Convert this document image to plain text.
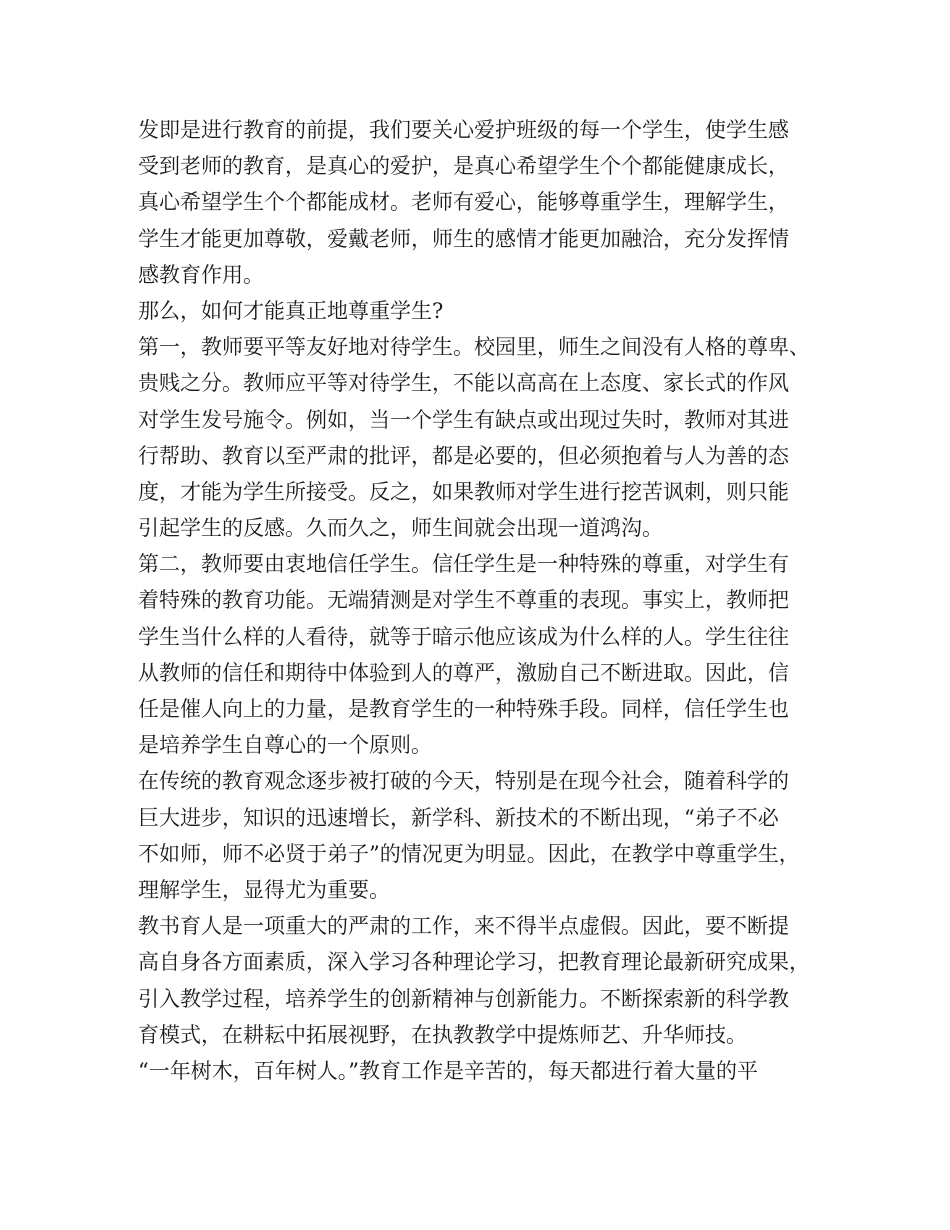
发即是进行教育的前提，我们要关心爱护班级的每一个学生，使学生感
受到老师的教育，是真心的爱护，是真心希望学生个个都能健康成长，
真心希望学生个个都能成材。老师有爱心，能够尊重学生，理解学生，
学生才能更加尊敬，爱戴老师，师生的感情才能更加融洽，充分发挥情
感教育作用。
那么，如何才能真正地尊重学生?
第一，教师要平等友好地对待学生。校园里，师生之间没有人格的尊卑、
贵贱之分。教师应平等对待学生，不能以高高在上态度、家长式的作风
对学生发号施令。例如，当一个学生有缺点或出现过失时，教师对其进
行帮助、教育以至严肃的批评，都是必要的，但必须抱着与人为善的态
度，才能为学生所接受。反之，如果教师对学生进行挖苦讽刺，则只能
引起学生的反感。久而久之，师生间就会出现一道鸿沟。
第二，教师要由衷地信任学生。信任学生是一种特殊的尊重，对学生有
着特殊的教育功能。无端猜测是对学生不尊重的表现。事实上，教师把
学生当什么样的人看待，就等于暗示他应该成为什么样的人。学生往往
从教师的信任和期待中体验到人的尊严，激励自己不断进取。因此，信
任是催人向上的力量，是教育学生的一种特殊手段。同样，信任学生也
是培养学生自尊心的一个原则。
在传统的教育观念逐步被打破的今天，特别是在现今社会，随着科学的
巨大进步，知识的迅速增长，新学科、新技术的不断出现，“弟子不必
不如师，师不必贤于弟子”的情况更为明显。因此，在教学中尊重学生，
理解学生，显得尤为重要。
教书育人是一项重大的严肃的工作，来不得半点虚假。因此，要不断提
高自身各方面素质，深入学习各种理论学习，把教育理论最新研究成果，
引入教学过程，培养学生的创新精神与创新能力。不断探索新的科学教
育模式，在耕耘中拓展视野，在执教教学中提炼师艺、升华师技。
“一年树木，百年树人。”教育工作是辛苦的，每天都进行着大量的平
